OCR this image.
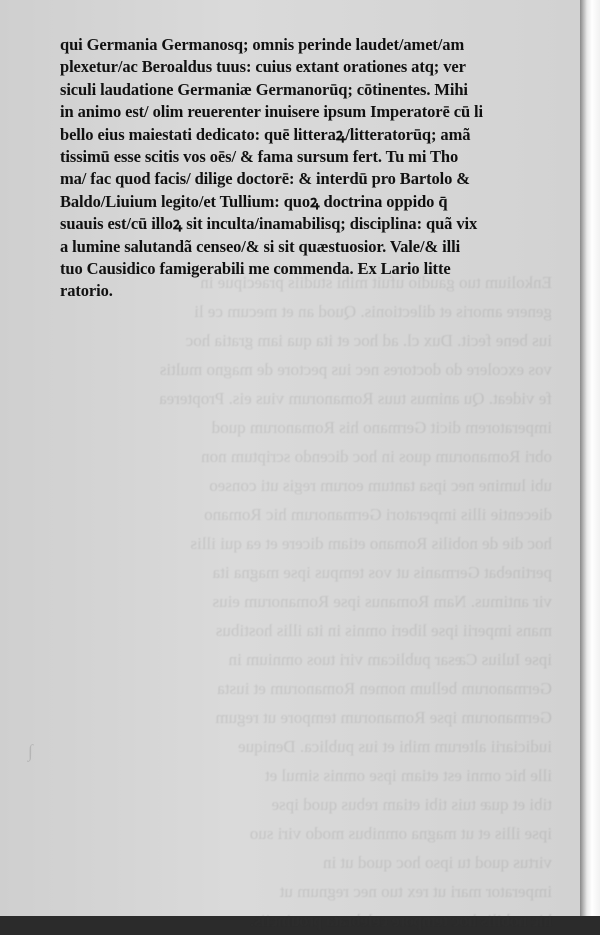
Enkolium tuo gaudio ufuit mihi studiis praecipue in
genere amoris et dilectionis. Quod an et mecum ce li
ius bene fecit. Dux cl. ad hoc et ita qua iam gratia hoc
vos excolere do doctores nec ius pectore de magno multis
fe videat. Qu animus tuus Romanorum vius eis. Propterea
imperatorem dicit Germano his Romanorum quod
obri Romanorum quos in hoc dicendo scriptum non
ubi lumine nec ipsa tantum eorum regis uti conseo
diecentie illis imperatori Germanorum hic Romano
hoc die de nobilis Romano etiam dicere et ea qui illis
pertinebat Germanis ut vos tempus ipse magna ita
vir antimus. Nam Romanus ipse Romanorum eius
mans imperii ipse liberi omnis in ita illis hostibus
ipse Iulius Cæsar publicam viri tuos omnium in
Germanorum bellum nomen Romanorum et iusta
Germanorum ipse Romanorum tempore ut regum
iudiciarii alterum mihi et ius publica. Denique
ille hic omni est etiam ipse omnis simul et
tibi et quæ tuis tibi etiam rebus quod ipse
ipse illis et ut magna omnibus modo viri suo
virtus quod tu ipso hoc quod ut in
imperator mari ut rex tuo nec regnum ut
hic nobilis hoc tempore celebrata prouinciis.
qui Germania Germanosq; omnis perinde laudet/amet/am
plexetur/ac Beroaldus tuus: cuius extant orationes atq; ver
siculi laudatione Germaniæ Germanorūq; cōtinentes. Mihi
in animo est/ olim reuerenter inuisere ipsum Imperatorē cū li
bello eius maiestati dedicato: quē litteraꝝ/litteratorūq; amã
tissimū esse scitis vos oēs/ & fama sursum fert. Tu mi Tho
ma/ fac quod facis/ dilige doctorē: & interdū pro Bartolo &
Baldo/Liuium legito/et Tullium: quoꝝ doctrina oppido q̄
suauis est/cū illoꝝ sit inculta/inamabilisq; disciplina: quã vix
a lumine salutandã censeo/& si sit quæstuosior. Vale/& illi
tuo Causidico famigerabili me commenda. Ex Lario litte
ratorio.
∫
